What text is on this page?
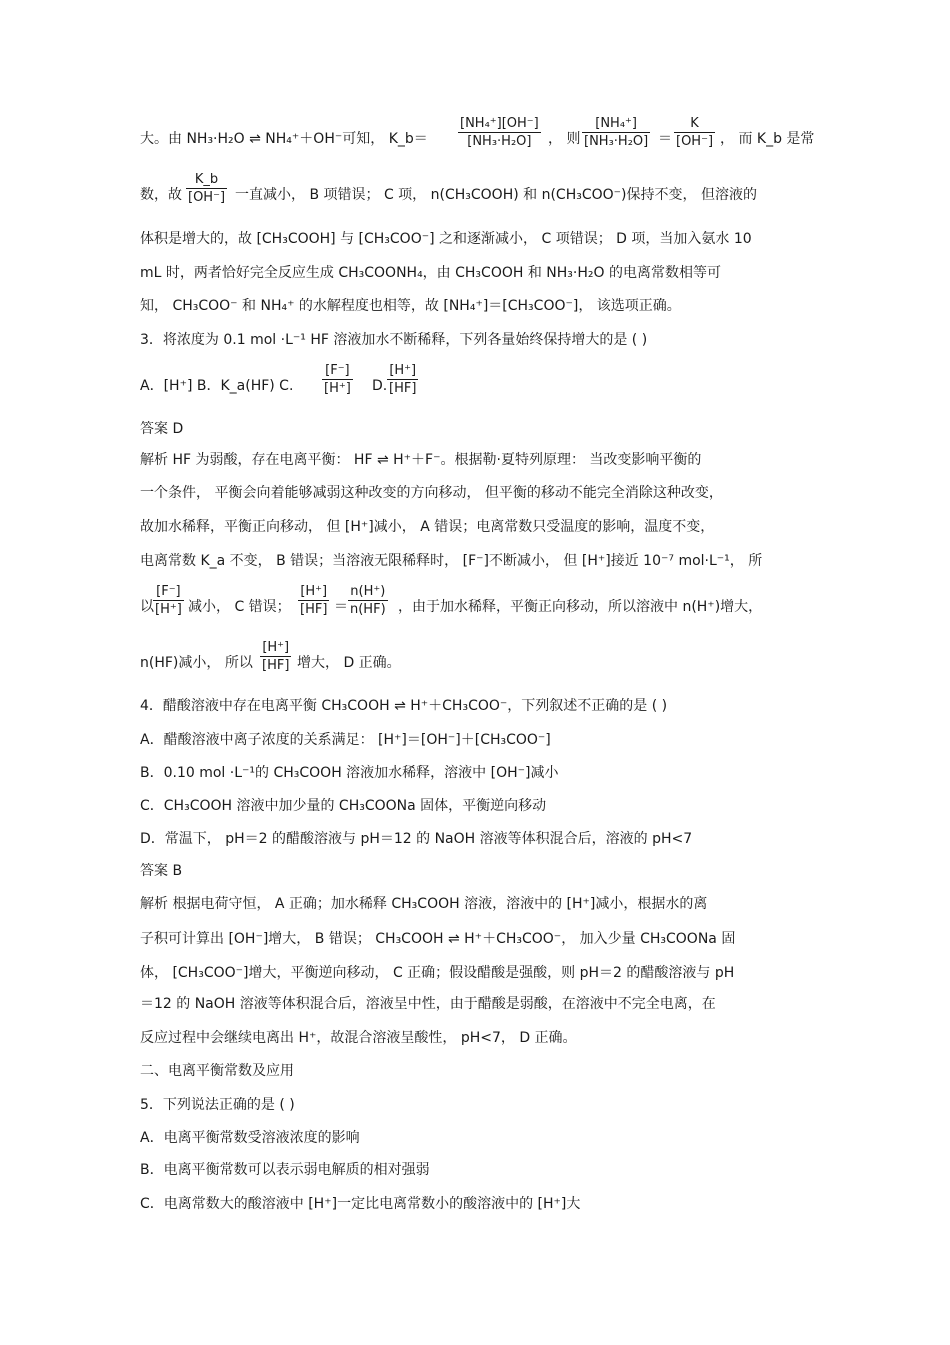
大。由 NH₃·H₂O ⇌ NH₄⁺＋OH⁻可知， K_b＝ $\frac{\text{[NH₄⁺][OH⁻]}}{\text{[NH₃·H₂O]}}$ ， 则 $\frac{\text{[NH₄⁺]}}{\text{[NH₃·H₂O]}} = \frac{K}{[OH^-]}$ ， 而 K_b 是常
数，故 $\frac{K\_b}{[OH^-]}$ 一直减小， B 项错误； C 项， n(CH₃COOH) 和 n(CH₃COO⁻)保持不变， 但溶液的
体积是增大的，故 [CH₃COOH] 与 [CH₃COO⁻] 之和逐渐减小， C 项错误； D 项，当加入氨水 10
mL 时，两者恰好完全反应生成 CH₃COONH₄，由 CH₃COOH 和 NH₃·H₂O 的电离常数相等可
知， CH₃COO⁻ 和 NH₄⁺ 的水解程度也相等，故 [NH₄⁺]＝[CH₃COO⁻]， 该选项正确。
3．将浓度为 0.1 mol ·L⁻¹ HF 溶液加水不断稀释，下列各量始终保持增大的是 ( )
A．[H⁺] B．K_a(HF) C. $\frac{[F^-]}{[H^+]} D$. $\frac{[H^+]}{[HF]}$
答案 D
解析 HF 为弱酸，存在电离平衡： HF ⇌ H⁺＋F⁻。根据勒·夏特列原理： 当改变影响平衡的
一个条件， 平衡会向着能够减弱这种改变的方向移动， 但平衡的移动不能完全消除这种改变，
故加水稀释，平衡正向移动， 但 [H⁺]减小， A 错误；电离常数只受温度的影响，温度不变，
电离常数 K_a 不变， B 错误；当溶液无限稀释时， [F⁻]不断减小， 但 [H⁺]接近 10⁻⁷ mol·L⁻¹， 所
以 $\frac{[F^-]}{[H^+]}$ 减小， C 错误； $\frac{[H^+]}{[HF]} = \frac{n(H^+)}{n(HF)}$ ，由于加水稀释，平衡正向移动，所以溶液中 n(H⁺)增大，
n(HF)减小， 所以 $\frac{[H^+]}{[HF]}$ 增大， D 正确。
4．醋酸溶液中存在电离平衡 CH₃COOH ⇌ H⁺＋CH₃COO⁻，下列叙述不正确的是 ( )
A．醋酸溶液中离子浓度的关系满足： [H⁺]＝[OH⁻]＋[CH₃COO⁻]
B．0.10 mol ·L⁻¹的 CH₃COOH 溶液加水稀释，溶液中 [OH⁻]减小
C．CH₃COOH 溶液中加少量的 CH₃COONa 固体，平衡逆向移动
D．常温下， pH＝2 的醋酸溶液与 pH＝12 的 NaOH 溶液等体积混合后，溶液的 pH<7
答案 B
解析 根据电荷守恒， A 正确；加水稀释 CH₃COOH 溶液，溶液中的 [H⁺]减小，根据水的离
子积可计算出 [OH⁻]增大， B 错误； CH₃COOH ⇌ H⁺＋CH₃COO⁻， 加入少量 CH₃COONa 固
体， [CH₃COO⁻]增大，平衡逆向移动， C 正确；假设醋酸是强酸，则 pH＝2 的醋酸溶液与 pH
＝12 的 NaOH 溶液等体积混合后，溶液呈中性，由于醋酸是弱酸，在溶液中不完全电离，在
反应过程中会继续电离出 H⁺，故混合溶液呈酸性， pH<7， D 正确。
二、电离平衡常数及应用
5．下列说法正确的是 ( )
A．电离平衡常数受溶液浓度的影响
B．电离平衡常数可以表示弱电解质的相对强弱
C．电离常数大的酸溶液中 [H⁺]一定比电离常数小的酸溶液中的 [H⁺]大
